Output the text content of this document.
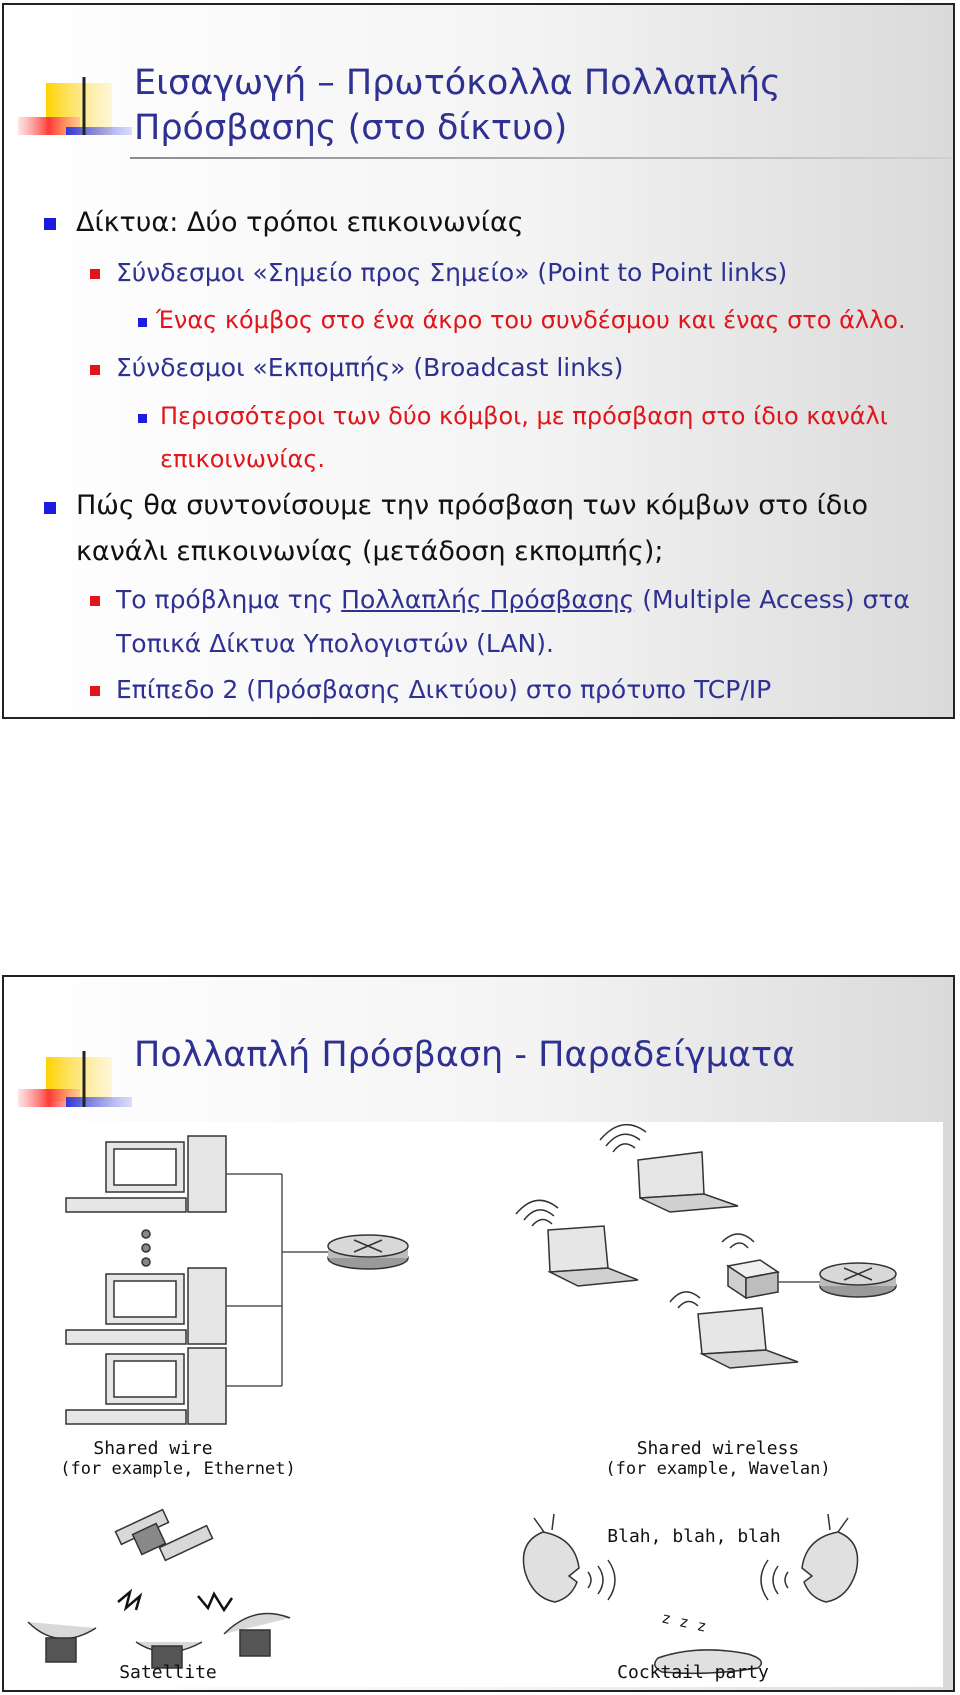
Εισαγωγή – Πρωτόκολλα Πολλαπλής
Πρόσβασης (στο δίκτυο)
Δίκτυα: Δύο τρόποι επικοινωνίας
Σύνδεσμοι «Σημείο προς Σημείο» (Point to Point links)
Ένας κόμβος στο ένα άκρο του συνδέσμου και ένας στο άλλο.
Σύνδεσμοι «Εκπομπής» (Broadcast links)
Περισσότεροι των δύο κόμβοι, με πρόσβαση στο ίδιο κανάλι
επικοινωνίας.
Πώς θα συντονίσουμε την πρόσβαση των κόμβων στο ίδιο
κανάλι επικοινωνίας (μετάδοση εκπομπής);
Το πρόβλημα της Πολλαπλής Πρόσβασης (Multiple Access) στα
Τοπικά Δίκτυα Υπολογιστών (LAN).
Επίπεδο 2 (Πρόσβασης Δικτύου) στο πρότυπο TCP/IP
Πολλαπλή Πρόσβαση - Παραδείγματα
Shared wire
(for example, Ethernet)
Shared wireless
(for example, Wavelan)
Satellite
Blah, blah, blah
z z z
Cocktail party
